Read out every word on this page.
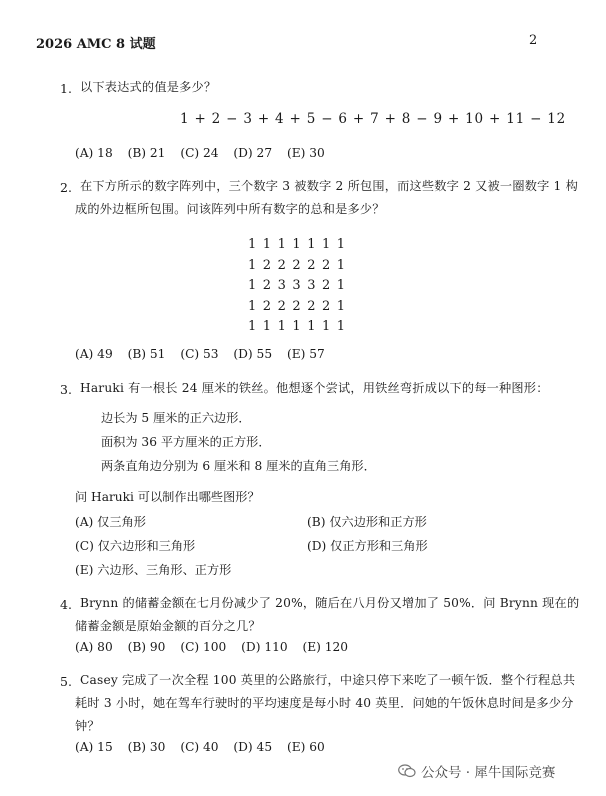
2026 AMC 8 试题	2
1. 以下表达式的值是多少？
1 + 2 − 3 + 4 + 5 − 6 + 7 + 8 − 9 + 10 + 11 − 12
(A) 18 (B) 21 (C) 24 (D) 27 (E) 30
2. 在下方所示的数字阵列中，三个数字 3 被数字 2 所包围，而这些数字 2 又被一圈数字 1 构
成的外边框所包围。问该阵列中所有数字的总和是多少？
1 1 1 1 1 1 1
1 2 2 2 2 2 1
1 2 3 3 3 2 1
1 2 2 2 2 2 1
1 1 1 1 1 1 1
(A) 49 (B) 51 (C) 53 (D) 55 (E) 57
3. Haruki 有一根长 24 厘米的铁丝。他想逐个尝试，用铁丝弯折成以下的每一种图形：
边长为 5 厘米的正六边形．
面积为 36 平方厘米的正方形．
两条直角边分别为 6 厘米和 8 厘米的直角三角形．
问 Haruki 可以制作出哪些图形？
(A) 仅三角形	(B) 仅六边形和正方形
(C) 仅六边形和三角形	(D) 仅正方形和三角形
(E) 六边形、三角形、正方形
4. Brynn 的储蓄金额在七月份减少了 20%，随后在八月份又增加了 50%．问 Brynn 现在的
储蓄金额是原始金额的百分之几？
(A) 80 (B) 90 (C) 100 (D) 110 (E) 120
5. Casey 完成了一次全程 100 英里的公路旅行，中途只停下来吃了一顿午饭．整个行程总共
耗时 3 小时，她在驾车行驶时的平均速度是每小时 40 英里．问她的午饭休息时间是多少分
钟？
(A) 15 (B) 30 (C) 40 (D) 45 (E) 60
公众号 · 犀牛国际竞赛
